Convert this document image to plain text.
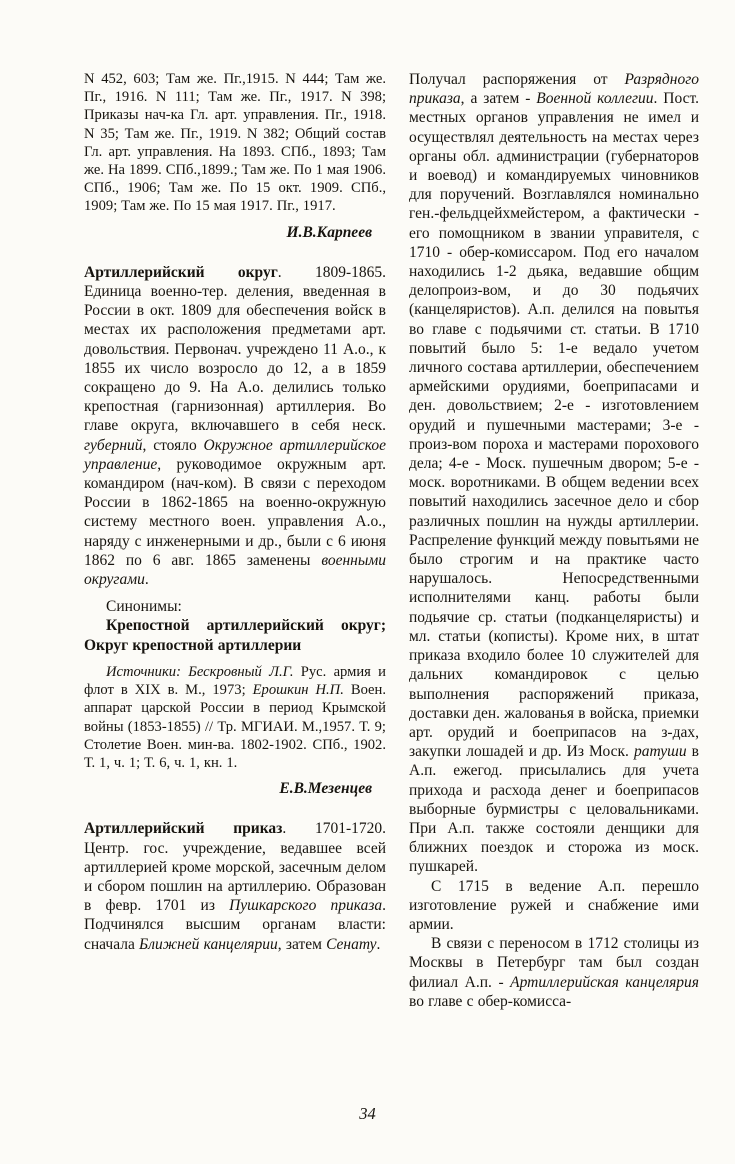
N 452, 603; Там же. Пг.,1915. N 444; Там же. Пг., 1916. N 111; Там же. Пг., 1917. N 398; Приказы нач-ка Гл. арт. управления. Пг., 1918. N 35; Там же. Пг., 1919. N 382; Общий состав Гл. арт. управления. На 1893. СПб., 1893; Там же. На 1899. СПб.,1899.; Там же. По 1 мая 1906. СПб., 1906; Там же. По 15 окт. 1909. СПб., 1909; Там же. По 15 мая 1917. Пг., 1917.

И.В.Карпеев

Артиллерийский округ. 1809-1865. Единица военно-тер. деления, введенная в России в окт. 1809 для обеспечения войск в местах их расположения предметами арт. довольствия. Первонач. учреждено 11 А.о., к 1855 их число возросло до 12, а в 1859 сокращено до 9. На А.о. делились только крепостная (гарнизонная) артиллерия. Во главе округа, включавшего в себя неск. губерний, стояло Окружное артиллерийское управление, руководимое окружным арт. командиром (нач-ком). В связи с переходом России в 1862-1865 на военно-окружную систему местного воен. управления А.о., наряду с инженерными и др., были с 6 июня 1862 по 6 авг. 1865 заменены военными округами.

Синонимы:

Крепостной артиллерийский округ; Округ крепостной артиллерии

Источники: Бескровный Л.Г. Рус. армия и флот в XIX в. М., 1973; Ерошкин Н.П. Воен. аппарат царской России в период Крымской войны (1853-1855) // Тр. МГИАИ. М.,1957. Т. 9; Столетие Воен. мин-ва. 1802-1902. СПб., 1902. Т. 1, ч. 1; Т. 6, ч. 1, кн. 1.

Е.В.Мезенцев

Артиллерийский приказ. 1701-1720. Центр. гос. учреждение, ведавшее всей артиллерией кроме морской, засечным делом и сбором пошлин на артиллерию. Образован в февр. 1701 из Пушкарского приказа. Подчинялся высшим органам власти: сначала Ближней канцелярии, затем Сенату.

Получал распоряжения от Разрядного приказа, а затем - Военной коллегии. Пост. местных органов управления не имел и осуществлял деятельность на местах через органы обл. администрации (губернаторов и воевод) и командируемых чиновников для поручений. Возглавлялся номинально ген.-фельдцейхмейстером, а фактически - его помощником в звании управителя, с 1710 - обер-комиссаром. Под его началом находились 1-2 дьяка, ведавшие общим делопроиз-вом, и до 30 подьячих (канцеляристов). А.п. делился на повытья во главе с подьячими ст. статьи. В 1710 повытий было 5: 1-е ведало учетом личного состава артиллерии, обеспечением армейскими орудиями, боеприпасами и ден. довольствием; 2-е - изготовлением орудий и пушечными мастерами; 3-е - произ-вом пороха и мастерами порохового дела; 4-е - Моск. пушечным двором; 5-е - моск. воротниками. В общем ведении всех повытий находились засечное дело и сбор различных пошлин на нужды артиллерии. Распреление функций между повытьями не было строгим и на практике часто нарушалось. Непосредственными исполнителями канц. работы были подьячие ср. статьи (подканцеляристы) и мл. статьи (кописты). Кроме них, в штат приказа входило более 10 служителей для дальних командировок с целью выполнения распоряжений приказа, доставки ден. жалованья в войска, приемки арт. орудий и боеприпасов на з-дах, закупки лошадей и др. Из Моск. ратуши в А.п. ежегод. присылались для учета прихода и расхода денег и боеприпасов выборные бурмистры с целовальниками. При А.п. также состояли денщики для ближних поездок и сторожа из моск. пушкарей.

С 1715 в ведение А.п. перешло изготовление ружей и снабжение ими армии.

В связи с переносом в 1712 столицы из Москвы в Петербург там был создан филиал А.п. - Артиллерийская канцелярия во главе с обер-комисса-

34
